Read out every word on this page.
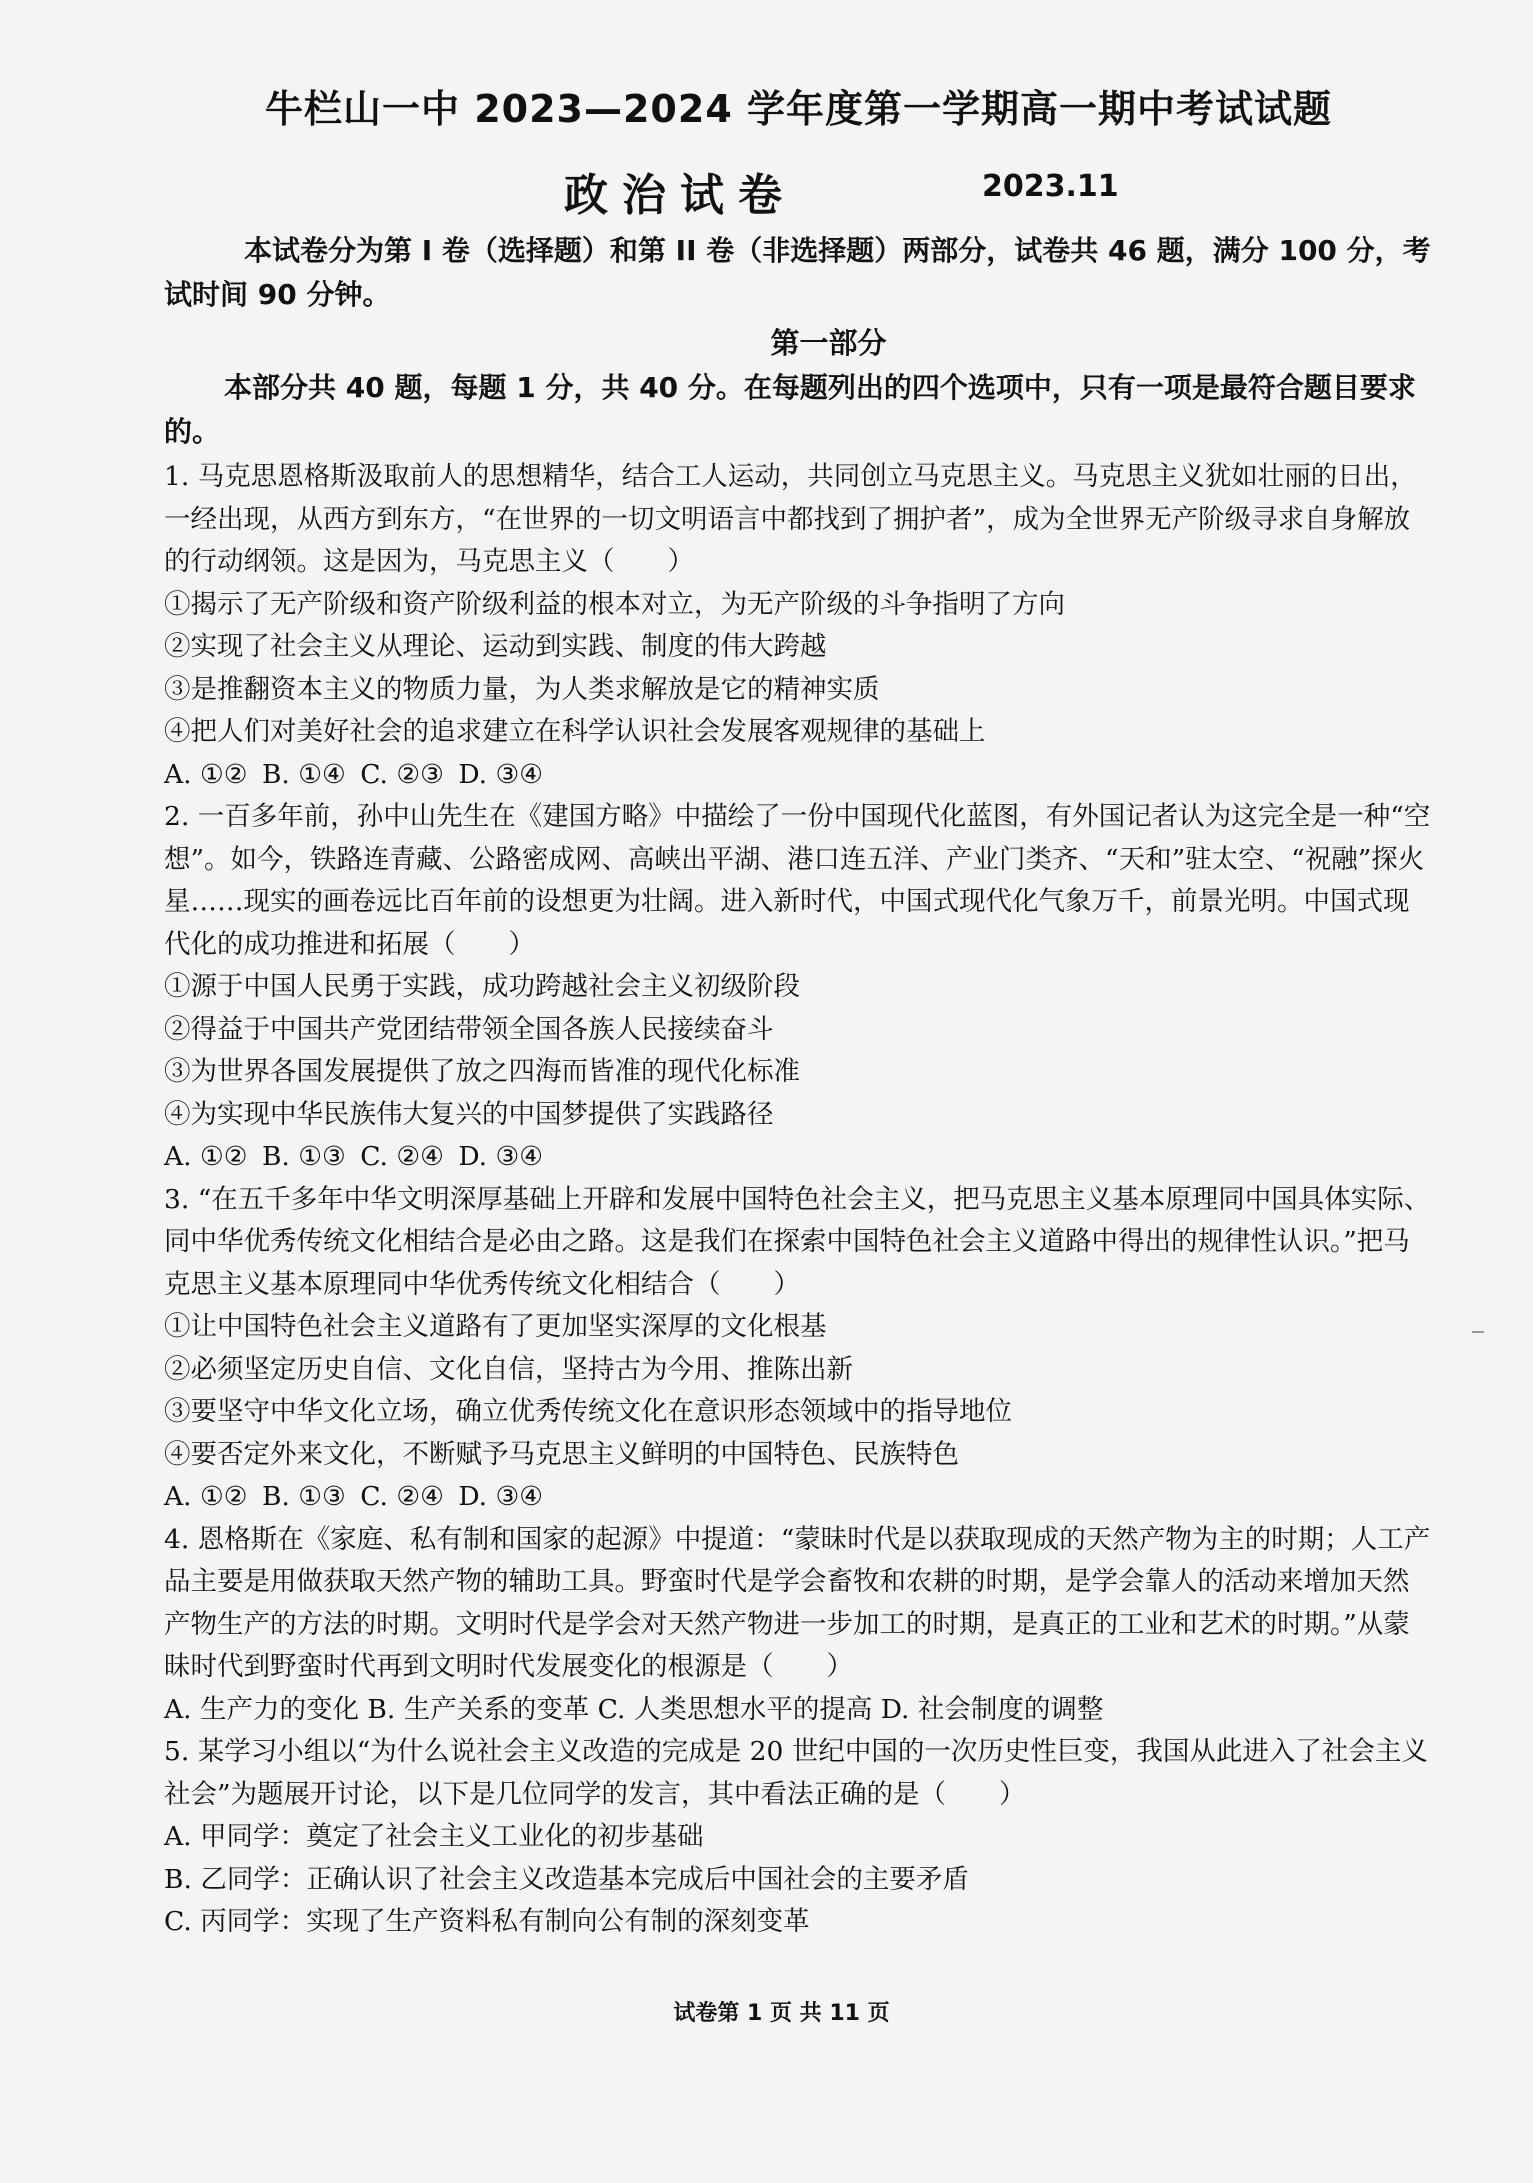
牛栏山一中 2023—2024 学年度第一学期高一期中考试试题
政治试卷	2023.11

本试卷分为第 I 卷（选择题）和第 II 卷（非选择题）两部分，试卷共 46 题，满分 100 分，考试时间 90 分钟。

第一部分

本部分共 40 题，每题 1 分，共 40 分。在每题列出的四个选项中，只有一项是最符合题目要求的。

1. 马克思恩格斯汲取前人的思想精华，结合工人运动，共同创立马克思主义。马克思主义犹如壮丽的日出，一经出现，从西方到东方，“在世界的一切文明语言中都找到了拥护者”，成为全世界无产阶级寻求自身解放的行动纲领。这是因为，马克思主义（　　）

①揭示了无产阶级和资产阶级利益的根本对立，为无产阶级的斗争指明了方向

②实现了社会主义从理论、运动到实践、制度的伟大跨越

③是推翻资本主义的物质力量，为人类求解放是它的精神实质

④把人们对美好社会的追求建立在科学认识社会发展客观规律的基础上

A. ①② B. ①④ C. ②③ D. ③④

2. 一百多年前，孙中山先生在《建国方略》中描绘了一份中国现代化蓝图，有外国记者认为这完全是一种“空想”。如今，铁路连青藏、公路密成网、高峡出平湖、港口连五洋、产业门类齐、“天和”驻太空、“祝融”探火星……现实的画卷远比百年前的设想更为壮阔。进入新时代，中国式现代化气象万千，前景光明。中国式现代化的成功推进和拓展（　　）

①源于中国人民勇于实践，成功跨越社会主义初级阶段

②得益于中国共产党团结带领全国各族人民接续奋斗

③为世界各国发展提供了放之四海而皆准的现代化标准

④为实现中华民族伟大复兴的中国梦提供了实践路径

A. ①② B. ①③ C. ②④ D. ③④

3. “在五千多年中华文明深厚基础上开辟和发展中国特色社会主义，把马克思主义基本原理同中国具体实际、同中华优秀传统文化相结合是必由之路。这是我们在探索中国特色社会主义道路中得出的规律性认识。”把马克思主义基本原理同中华优秀传统文化相结合（　　）

①让中国特色社会主义道路有了更加坚实深厚的文化根基

②必须坚定历史自信、文化自信，坚持古为今用、推陈出新

③要坚守中华文化立场，确立优秀传统文化在意识形态领域中的指导地位

④要否定外来文化，不断赋予马克思主义鲜明的中国特色、民族特色

A. ①② B. ①③ C. ②④ D. ③④

4. 恩格斯在《家庭、私有制和国家的起源》中提道：“蒙昧时代是以获取现成的天然产物为主的时期；人工产品主要是用做获取天然产物的辅助工具。野蛮时代是学会畜牧和农耕的时期，是学会靠人的活动来增加天然产物生产的方法的时期。文明时代是学会对天然产物进一步加工的时期，是真正的工业和艺术的时期。”从蒙昧时代到野蛮时代再到文明时代发展变化的根源是（　　）

A. 生产力的变化 B. 生产关系的变革 C. 人类思想水平的提高 D. 社会制度的调整

5. 某学习小组以“为什么说社会主义改造的完成是 20 世纪中国的一次历史性巨变，我国从此进入了社会主义社会”为题展开讨论，以下是几位同学的发言，其中看法正确的是（　　）

A. 甲同学：奠定了社会主义工业化的初步基础

B. 乙同学：正确认识了社会主义改造基本完成后中国社会的主要矛盾

C. 丙同学：实现了生产资料私有制向公有制的深刻变革

试卷第 1 页 共 11 页
